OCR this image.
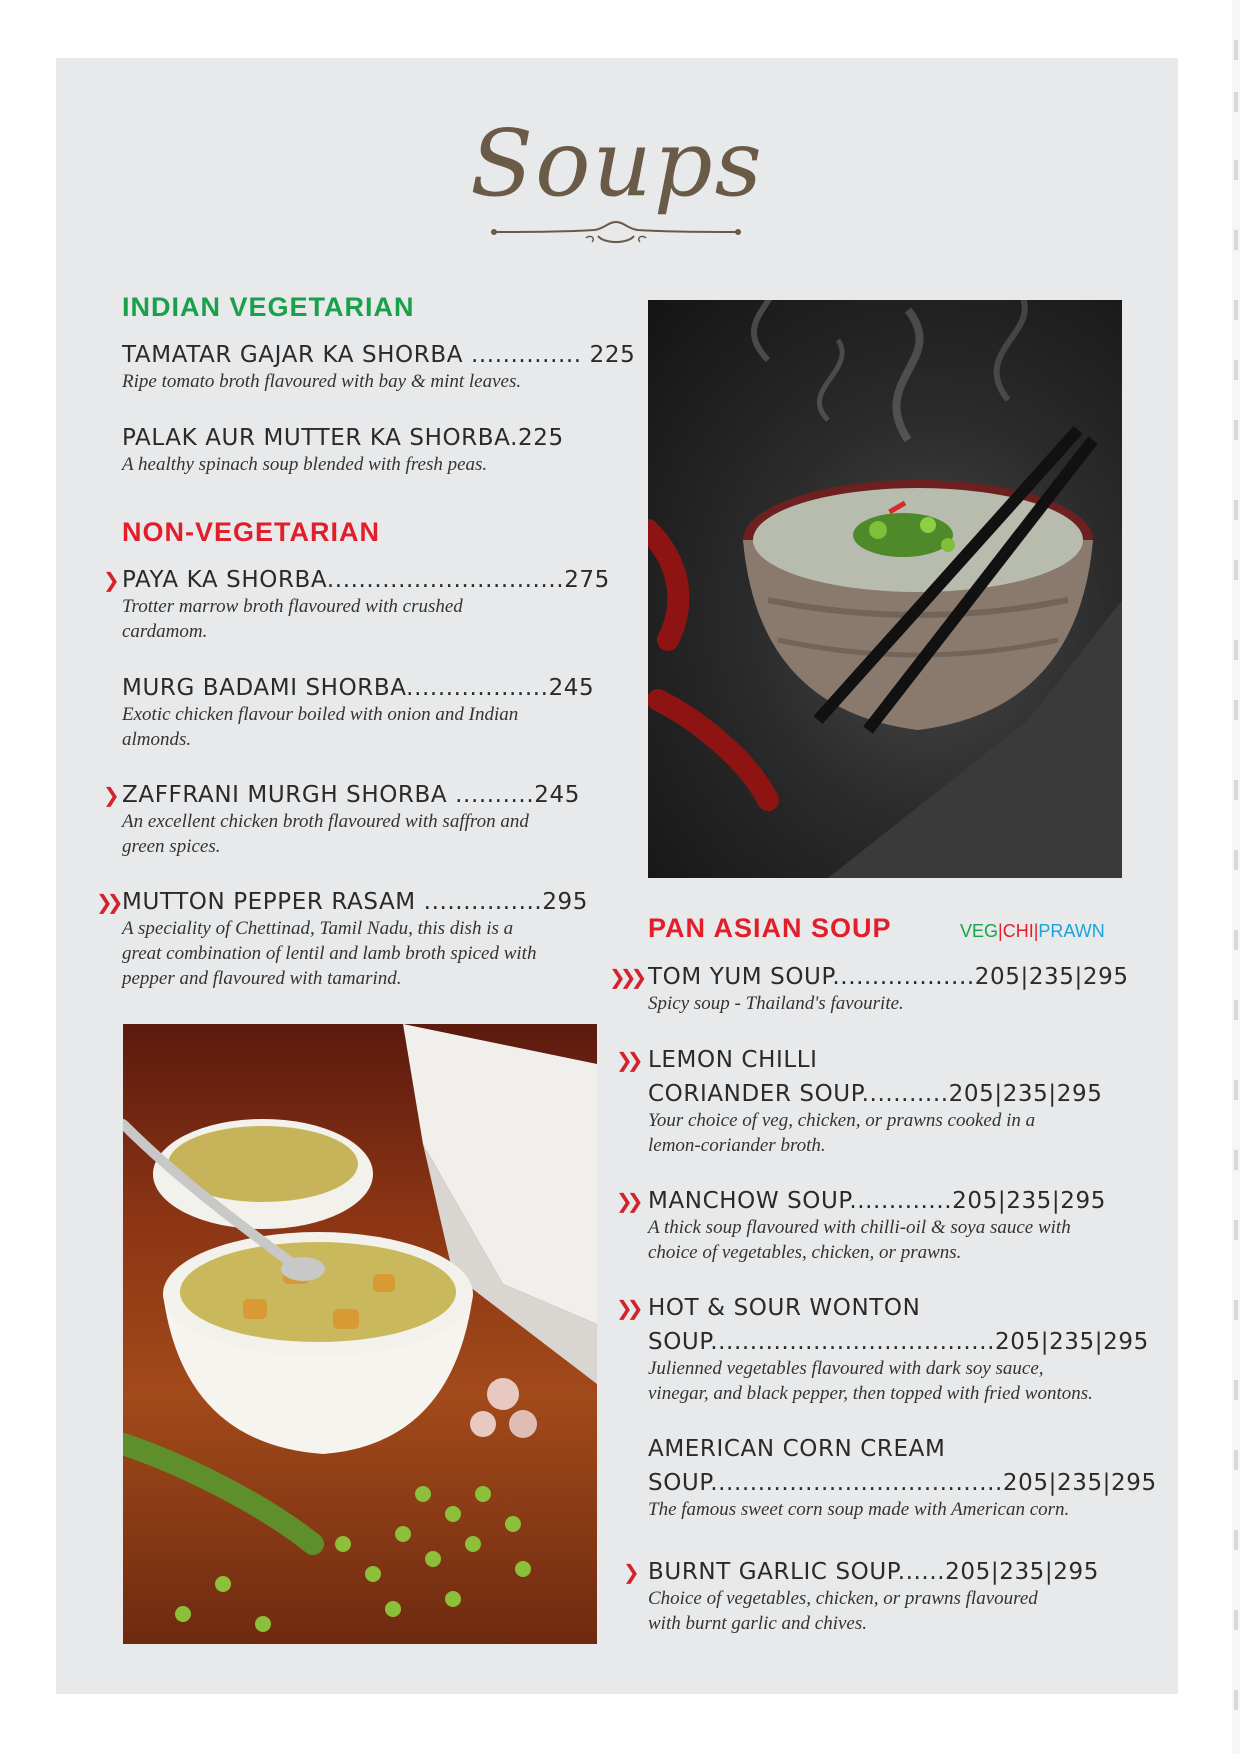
Soups
INDIAN VEGETARIAN
TAMATAR GAJAR KA SHORBA .............. 225
Ripe tomato broth flavoured with bay & mint leaves.
PALAK AUR MUTTER KA SHORBA.225
A healthy spinach soup blended with fresh peas.
NON-VEGETARIAN
❯ PAYA KA SHORBA..............................275
Trotter marrow broth flavoured with crushed
cardamom.
MURG BADAMI SHORBA..................245
Exotic chicken flavour boiled with onion and Indian
almonds.
❯ ZAFFRANI MURGH SHORBA ..........245
An excellent chicken broth flavoured with saffron and
green spices.
❯❯ MUTTON PEPPER RASAM ...............295
A speciality of Chettinad, Tamil Nadu, this dish is a
great combination of lentil and lamb broth spiced with
pepper and flavoured with tamarind.
PAN ASIAN SOUP	VEG|CHI|PRAWN
❯❯❯ TOM YUM SOUP..................205|235|295
Spicy soup - Thailand's favourite.
❯❯ LEMON CHILLI
CORIANDER SOUP...........205|235|295
Your choice of veg, chicken, or prawns cooked in a
lemon-coriander broth.
❯❯ MANCHOW SOUP.............205|235|295
A thick soup flavoured with chilli-oil & soya sauce with
choice of vegetables, chicken, or prawns.
❯❯ HOT & SOUR WONTON
SOUP....................................205|235|295
Julienned vegetables flavoured with dark soy sauce,
vinegar, and black pepper, then topped with fried wontons.
AMERICAN CORN CREAM
SOUP.....................................205|235|295
The famous sweet corn soup made with American corn.
❯ BURNT GARLIC SOUP......205|235|295
Choice of vegetables, chicken, or prawns flavoured
with burnt garlic and chives.
